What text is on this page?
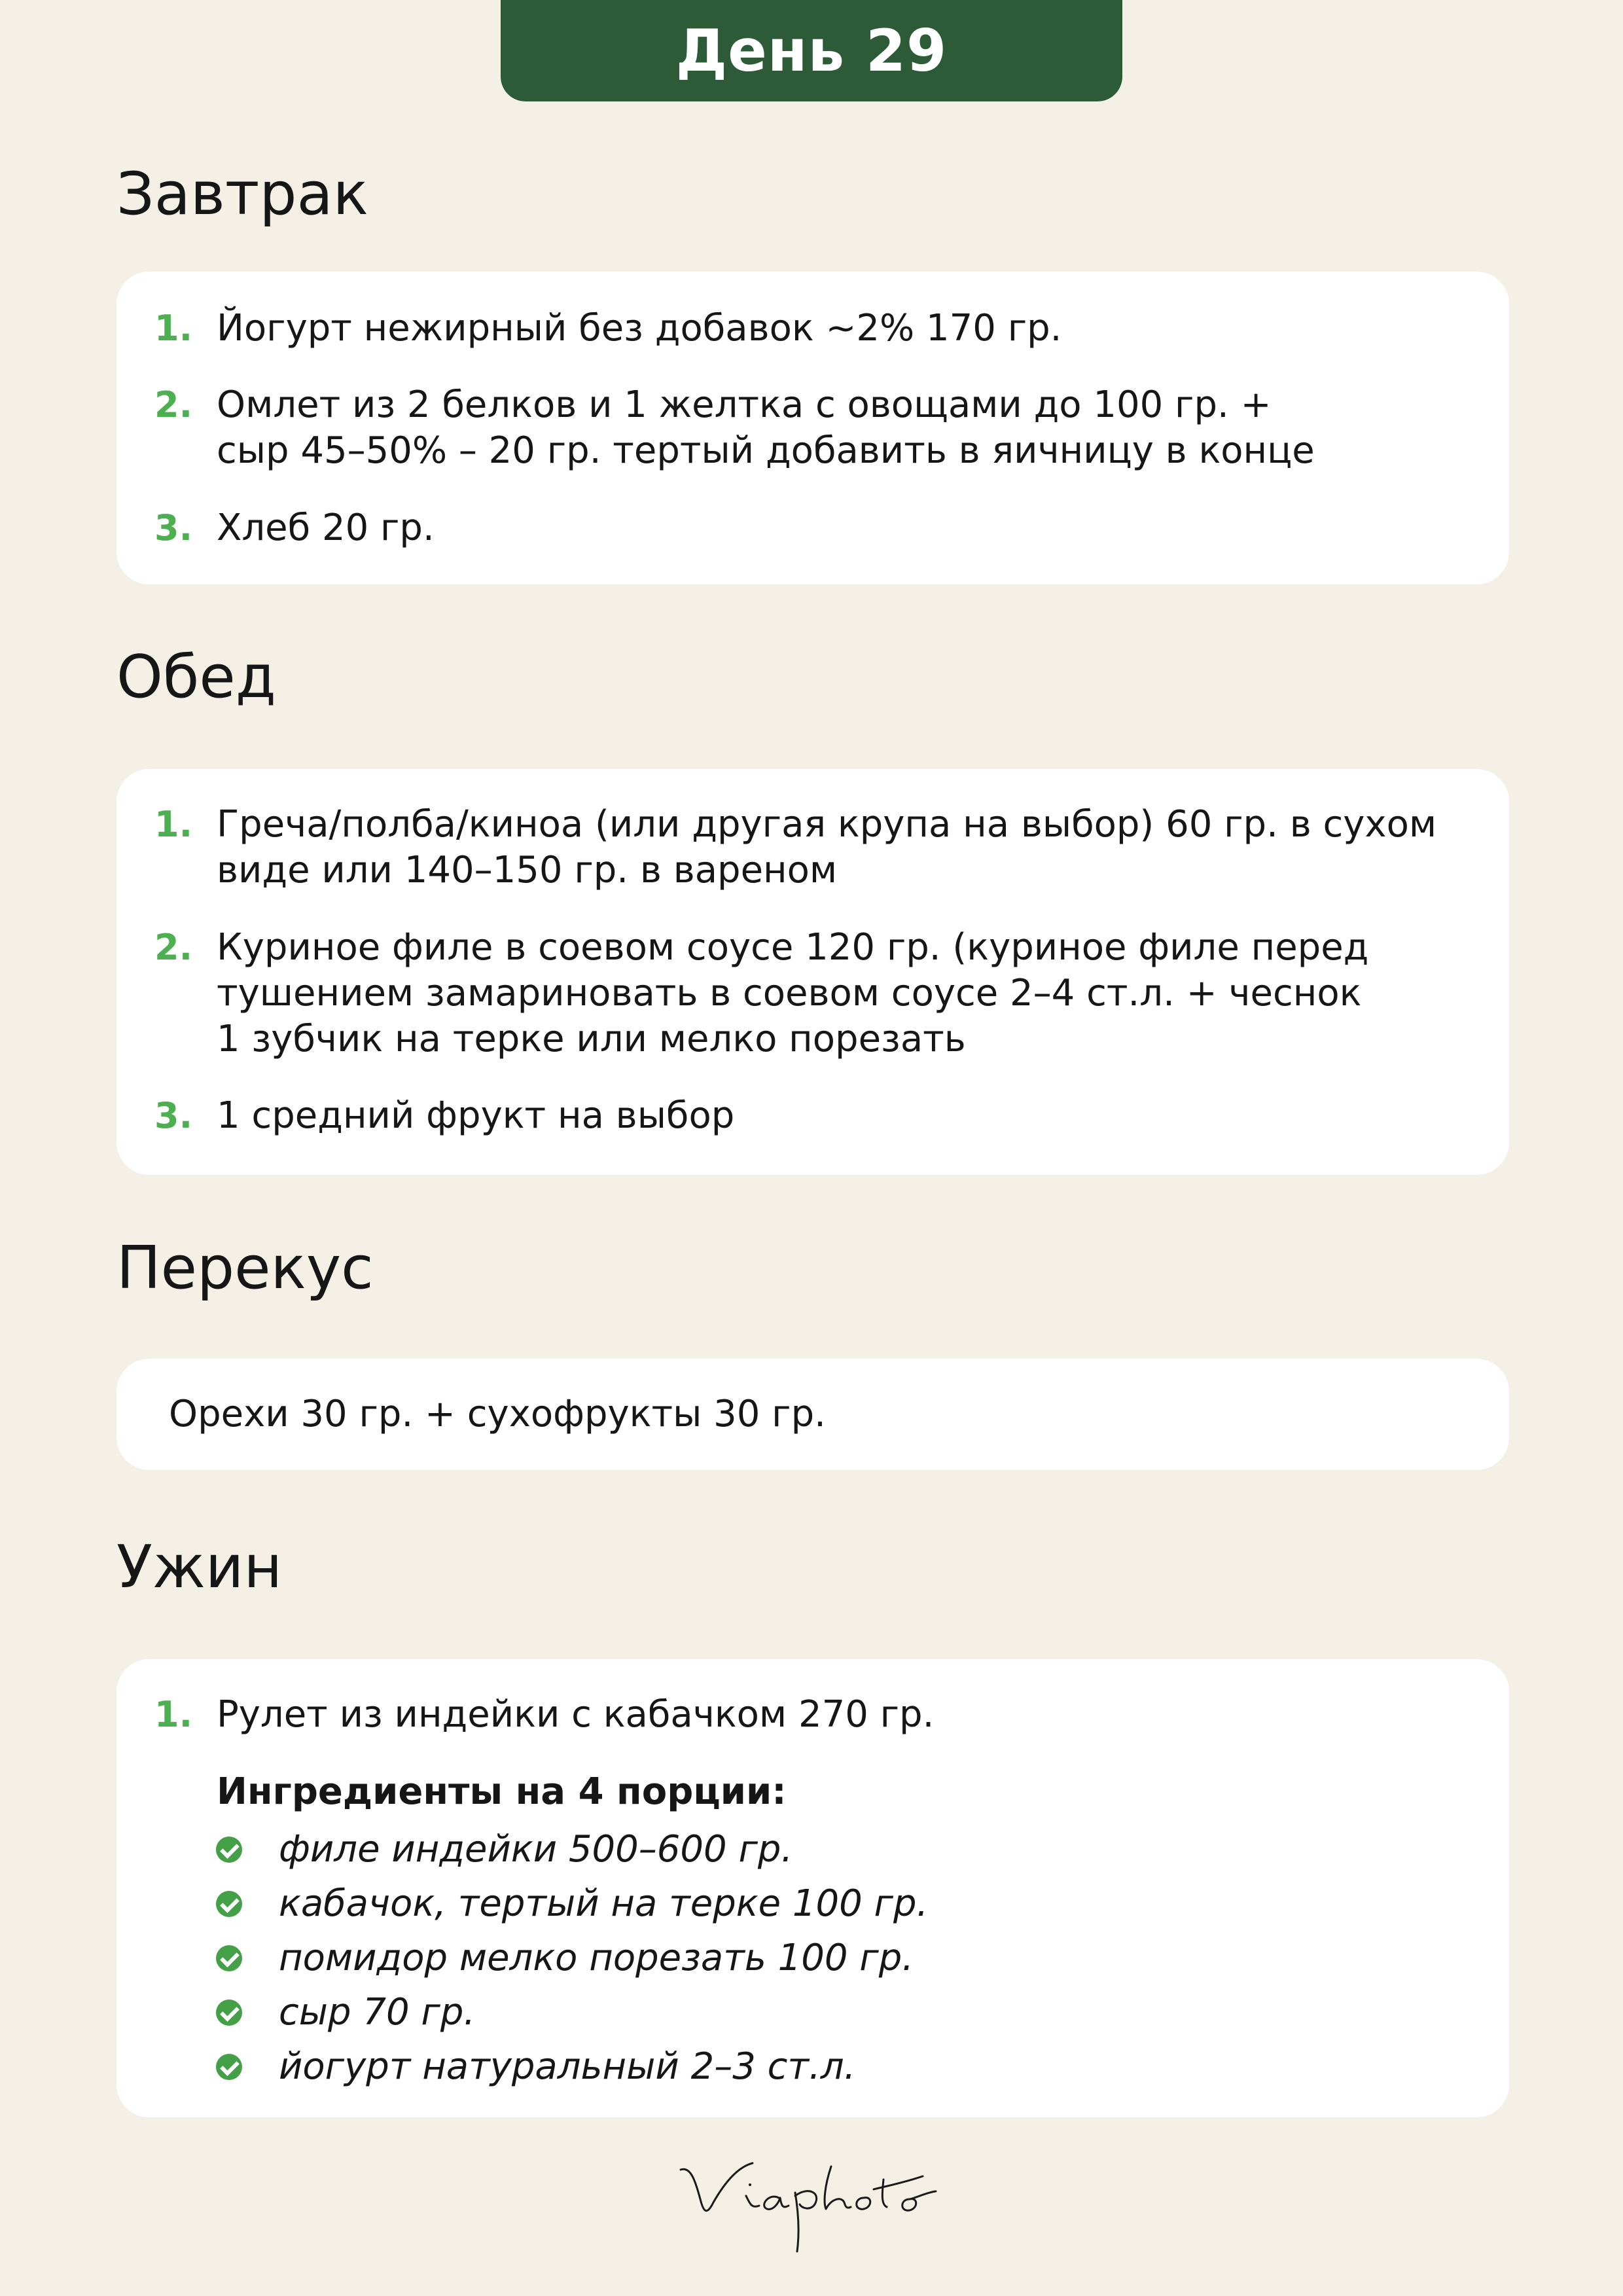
День 29
Завтрак
1. Йогурт нежирный без добавок ~2% 170 гр.
2. Омлет из 2 белков и 1 желтка с овощами до 100 гр. +
сыр 45–50% – 20 гр. тертый добавить в яичницу в конце
3. Хлеб 20 гр.
Обед
1. Греча/полба/киноа (или другая крупа на выбор) 60 гр. в сухом
виде или 140–150 гр. в вареном
2. Куриное филе в соевом соусе 120 гр. (куриное филе перед
тушением замариновать в соевом соусе 2–4 ст.л. + чеснок
1 зубчик на терке или мелко порезать
3. 1 средний фрукт на выбор
Перекус
Орехи 30 гр. + сухофрукты 30 гр.
Ужин
1. Рулет из индейки с кабачком 270 гр.
Ингредиенты на 4 порции:
филе индейки 500–600 гр.
кабачок, тертый на терке 100 гр.
помидор мелко порезать 100 гр.
сыр 70 гр.
йогурт натуральный 2–3 ст.л.
